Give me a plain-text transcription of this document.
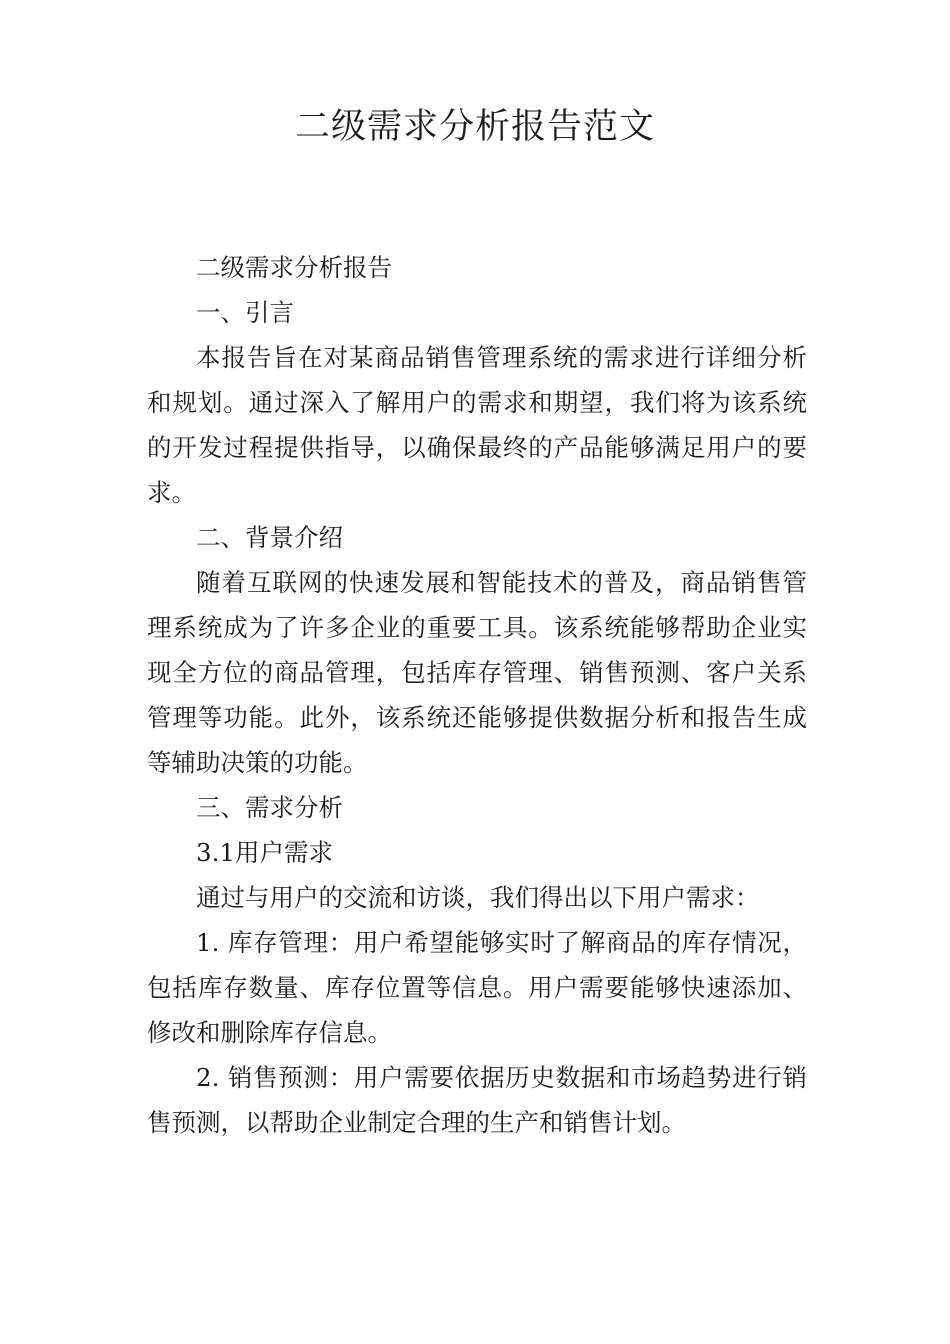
二级需求分析报告范文

二级需求分析报告

一、引言

本报告旨在对某商品销售管理系统的需求进行详细分析和规划。通过深入了解用户的需求和期望，我们将为该系统的开发过程提供指导，以确保最终的产品能够满足用户的要求。

二、背景介绍

随着互联网的快速发展和智能技术的普及，商品销售管理系统成为了许多企业的重要工具。该系统能够帮助企业实现全方位的商品管理，包括库存管理、销售预测、客户关系管理等功能。此外，该系统还能够提供数据分析和报告生成等辅助决策的功能。

三、需求分析

3.1用户需求

通过与用户的交流和访谈，我们得出以下用户需求：

1. 库存管理：用户希望能够实时了解商品的库存情况，包括库存数量、库存位置等信息。用户需要能够快速添加、修改和删除库存信息。

2. 销售预测：用户需要依据历史数据和市场趋势进行销售预测，以帮助企业制定合理的生产和销售计划。
